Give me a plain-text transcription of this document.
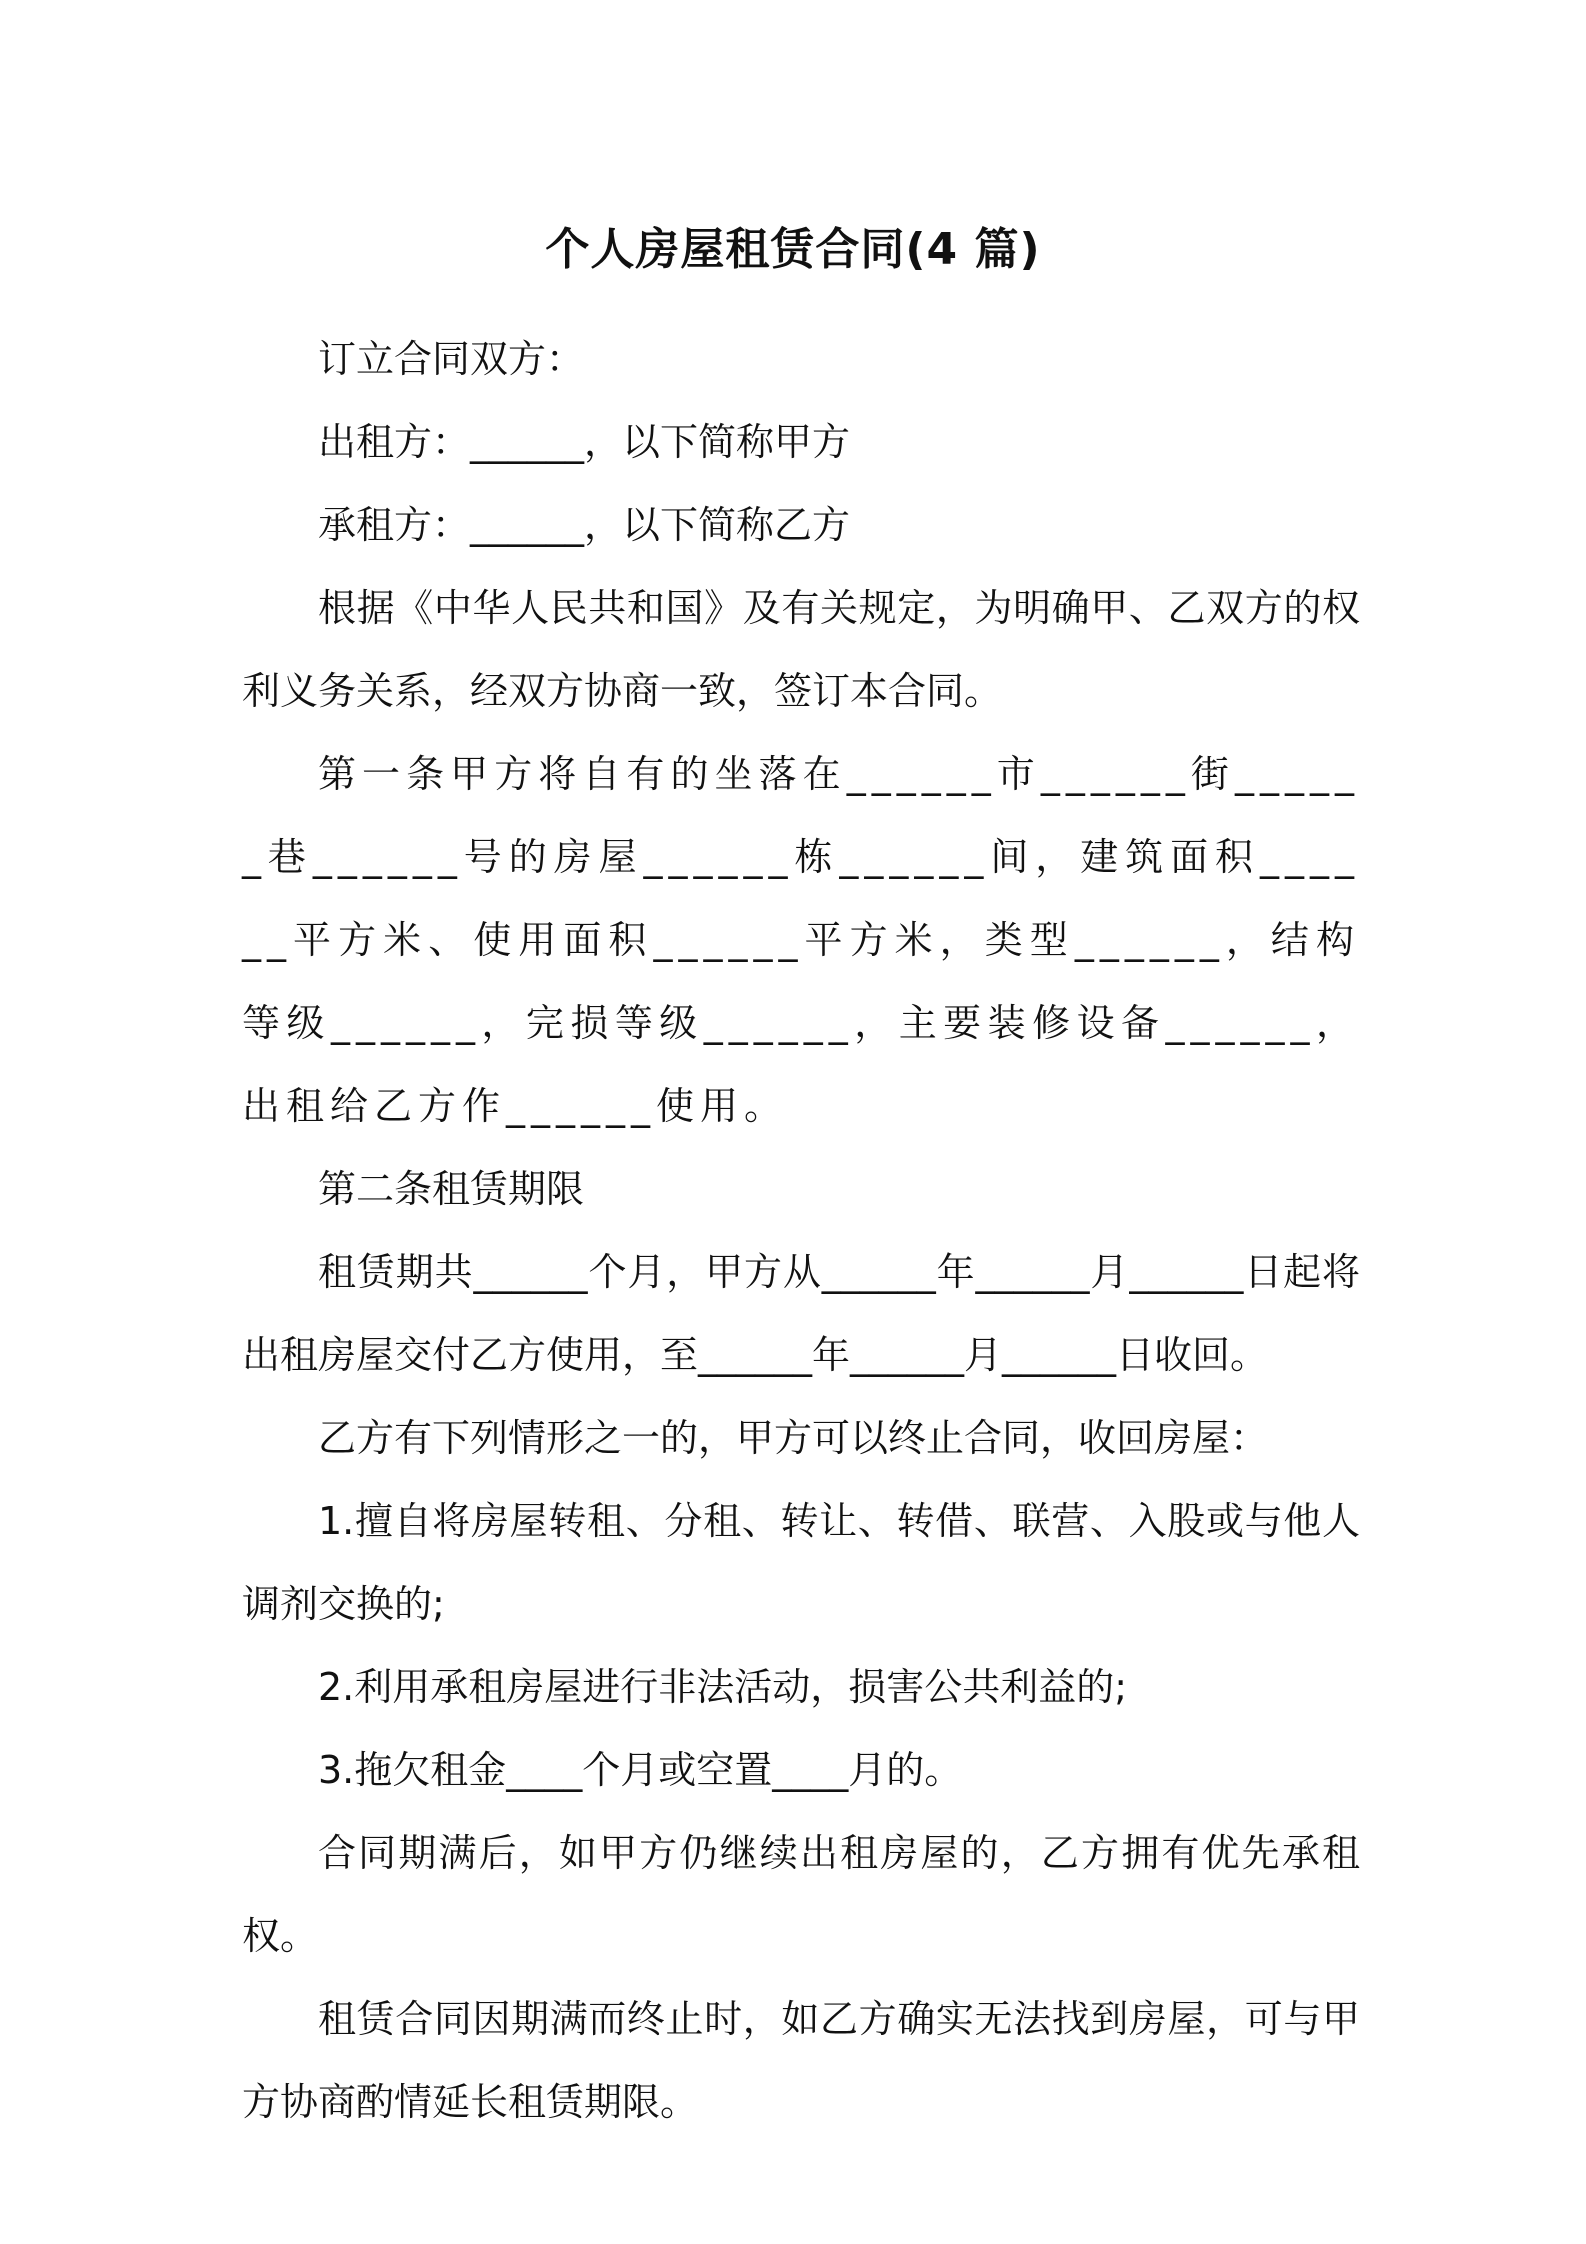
个人房屋租赁合同(4 篇)

订立合同双方：

出租方：______，以下简称甲方

承租方：______，以下简称乙方

根据《中华人民共和国》及有关规定，为明确甲、乙双方的权利义务关系，经双方协商一致，签订本合同。

第一条甲方将自有的坐落在______市______街______巷______号的房屋______栋______间，建筑面积______平方米、使用面积______平方米，类型______，结构等级______，完损等级______，主要装修设备______，出租给乙方作______使用。

第二条租赁期限

租赁期共______个月，甲方从______年______月______日起将出租房屋交付乙方使用，至______年______月______日收回。

乙方有下列情形之一的，甲方可以终止合同，收回房屋：

1.擅自将房屋转租、分租、转让、转借、联营、入股或与他人调剂交换的;

2.利用承租房屋进行非法活动，损害公共利益的;

3.拖欠租金____个月或空置____月的。

合同期满后，如甲方仍继续出租房屋的，乙方拥有优先承租权。

租赁合同因期满而终止时，如乙方确实无法找到房屋，可与甲方协商酌情延长租赁期限。
